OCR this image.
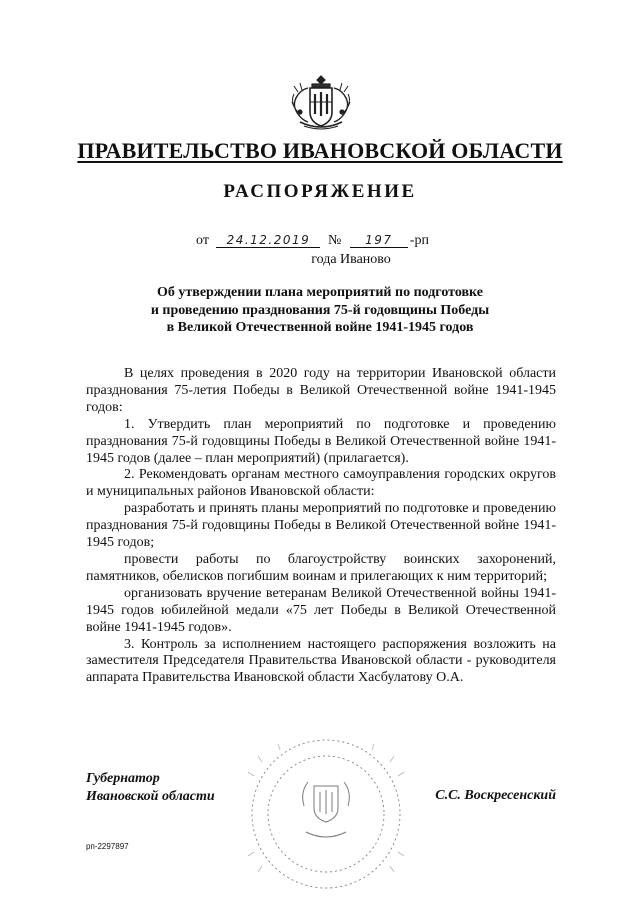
ПРАВИТЕЛЬСТВО ИВАНОВСКОЙ ОБЛАСТИ
РАСПОРЯЖЕНИЕ
от 24.12.2019 № 197 -рп
года Иваново
Об утверждении плана мероприятий по подготовке
и проведению празднования 75-й годовщины Победы
в Великой Отечественной войне 1941-1945 годов

В целях проведения в 2020 году на территории Ивановской области празднования 75-летия Победы в Великой Отечественной войне 1941-1945 годов:

1. Утвердить план мероприятий по подготовке и проведению празднования 75-й годовщины Победы в Великой Отечественной войне 1941-1945 годов (далее – план мероприятий) (прилагается).

2. Рекомендовать органам местного самоуправления городских округов и муниципальных районов Ивановской области:

разработать и принять планы мероприятий по подготовке и проведению празднования 75-й годовщины Победы в Великой Отечественной войне 1941-1945 годов;

провести работы по благоустройству воинских захоронений, памятников, обелисков погибшим воинам и прилегающих к ним территорий;

организовать вручение ветеранам Великой Отечественной войны 1941-1945 годов юбилейной медали «75 лет Победы в Великой Отечественной войне 1941-1945 годов».

3. Контроль за исполнением настоящего распоряжения возложить на заместителя Председателя Правительства Ивановской области - руководителя аппарата Правительства Ивановской области Хасбулатову О.А.

Губернатор
Ивановской области	С.С. Воскресенский
рп-2297897
